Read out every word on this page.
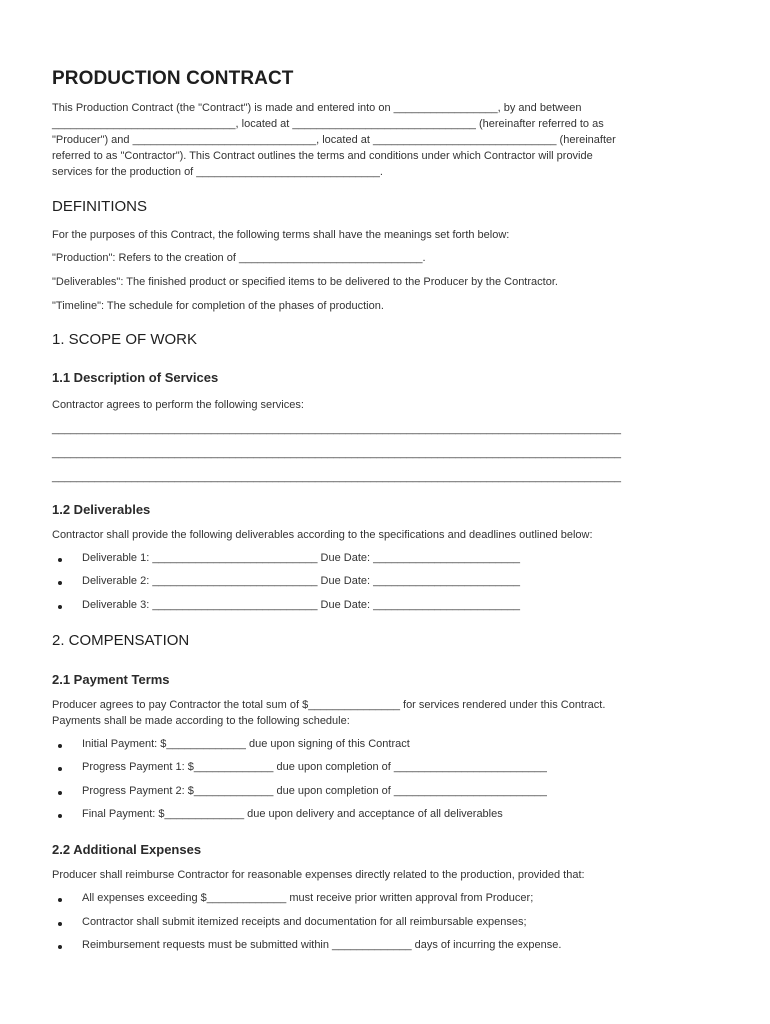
PRODUCTION CONTRACT

This Production Contract (the "Contract") is made and entered into on _________________, by and between

______________________________, located at ______________________________ (hereinafter referred to as

"Producer") and ______________________________, located at ______________________________ (hereinafter

referred to as "Contractor"). This Contract outlines the terms and conditions under which Contractor will provide

services for the production of ______________________________.

DEFINITIONS

For the purposes of this Contract, the following terms shall have the meanings set forth below:

"Production": Refers to the creation of ______________________________.

"Deliverables": The finished product or specified items to be delivered to the Producer by the Contractor.

"Timeline": The schedule for completion of the phases of production.

1. SCOPE OF WORK
1.1 Description of Services

Contractor agrees to perform the following services:

_____________________________________________________________________________________________

_____________________________________________________________________________________________

_____________________________________________________________________________________________

1.2 Deliverables

Contractor shall provide the following deliverables according to the specifications and deadlines outlined below:

Deliverable 1: ___________________________ Due Date: ________________________
Deliverable 2: ___________________________ Due Date: ________________________
Deliverable 3: ___________________________ Due Date: ________________________
2. COMPENSATION
2.1 Payment Terms

Producer agrees to pay Contractor the total sum of $_______________ for services rendered under this Contract.

Payments shall be made according to the following schedule:

Initial Payment: $_____________ due upon signing of this Contract
Progress Payment 1: $_____________ due upon completion of _________________________
Progress Payment 2: $_____________ due upon completion of _________________________
Final Payment: $_____________ due upon delivery and acceptance of all deliverables
2.2 Additional Expenses

Producer shall reimburse Contractor for reasonable expenses directly related to the production, provided that:

All expenses exceeding $_____________ must receive prior written approval from Producer;
Contractor shall submit itemized receipts and documentation for all reimbursable expenses;
Reimbursement requests must be submitted within _____________ days of incurring the expense.
